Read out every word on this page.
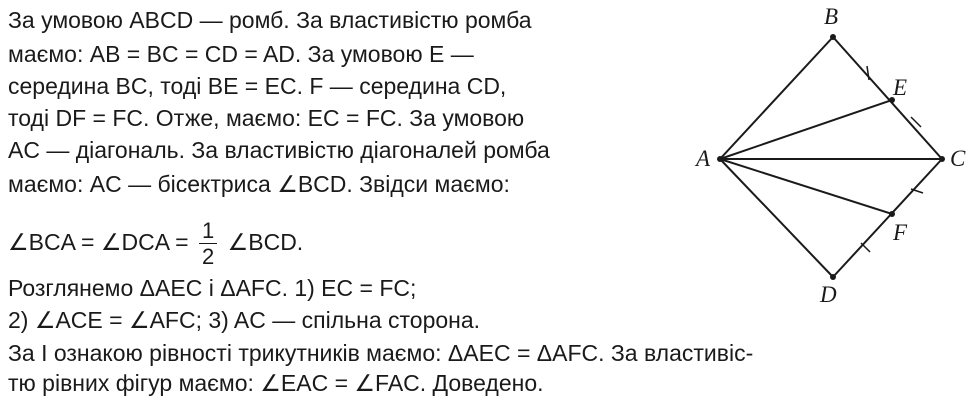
За умовою ABCD — ромб. За властивістю ромба
маємо: AB = BC = CD = AD. За умовою E —
середина BC, тоді BE = EC. F — середина CD,
тоді DF = FC. Отже, маємо: EC = FC. За умовою
AC — діагональ. За властивістю діагоналей ромба
маємо: AC — бісектриса ∠BCD. Звідси маємо:
∠BCA = ∠DCA = $\frac{1}{2}$ ∠BCD.
Розглянемо ΔAEC і ΔAFC. 1) EC = FC;
2) ∠ACE = ∠AFC; 3) AC — спільна сторона.
За I ознакою рівності трикутників маємо: ΔAEC = ΔAFC. За властивіс-
тю рівних фігур маємо: ∠EAC = ∠FAC. Доведено.
A
B
C
D
E
F
